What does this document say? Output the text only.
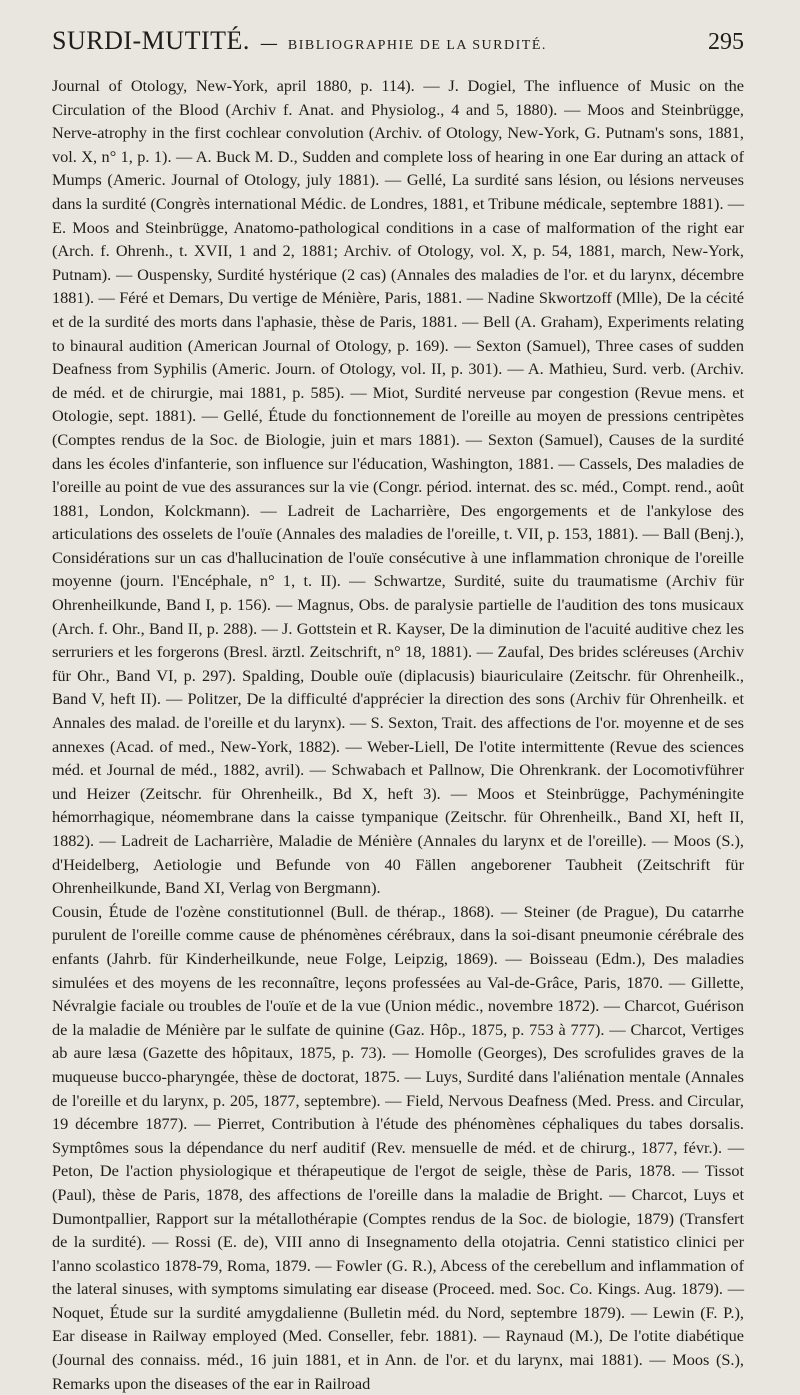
SURDI-MUTITÉ. — BIBLIOGRAPHIE DE LA SURDITÉ.	295

Journal of Otology, New-York, april 1880, p. 114). — J. Dogiel, The influence of Music on the Circulation of the Blood (Archiv f. Anat. and Physiolog., 4 and 5, 1880). — Moos and Steinbrügge, Nerve-atrophy in the first cochlear convolution (Archiv. of Otology, New-York, G. Putnam's sons, 1881, vol. X, n° 1, p. 1). — A. Buck M. D., Sudden and complete loss of hearing in one Ear during an attack of Mumps (Americ. Journal of Otology, july 1881). — Gellé, La surdité sans lésion, ou lésions nerveuses dans la surdité (Congrès international Médic. de Londres, 1881, et Tribune médicale, septembre 1881). — E. Moos and Steinbrügge, Anatomo-pathological conditions in a case of malformation of the right ear (Arch. f. Ohrenh., t. XVII, 1 and 2, 1881; Archiv. of Otology, vol. X, p. 54, 1881, march, New-York, Putnam). — Ouspensky, Surdité hystérique (2 cas) (Annales des maladies de l'or. et du larynx, décembre 1881). — Féré et Demars, Du vertige de Ménière, Paris, 1881. — Nadine Skwortzoff (Mlle), De la cécité et de la surdité des morts dans l'aphasie, thèse de Paris, 1881. — Bell (A. Graham), Experiments relating to binaural audition (American Journal of Otology, p. 169). — Sexton (Samuel), Three cases of sudden Deafness from Syphilis (Americ. Journ. of Otology, vol. II, p. 301). — A. Mathieu, Surd. verb. (Archiv. de méd. et de chirurgie, mai 1881, p. 585). — Miot, Surdité nerveuse par congestion (Revue mens. et Otologie, sept. 1881). — Gellé, Étude du fonctionnement de l'oreille au moyen de pressions centripètes (Comptes rendus de la Soc. de Biologie, juin et mars 1881). — Sexton (Samuel), Causes de la surdité dans les écoles d'infanterie, son influence sur l'éducation, Washington, 1881. — Cassels, Des maladies de l'oreille au point de vue des assurances sur la vie (Congr. périod. internat. des sc. méd., Compt. rend., août 1881, London, Kolckmann). — Ladreit de Lacharrière, Des engorgements et de l'ankylose des articulations des osselets de l'ouïe (Annales des maladies de l'oreille, t. VII, p. 153, 1881). — Ball (Benj.), Considérations sur un cas d'hallucination de l'ouïe consécutive à une inflammation chronique de l'oreille moyenne (journ. l'Encéphale, n° 1, t. II). — Schwartze, Surdité, suite du traumatisme (Archiv für Ohrenheilkunde, Band I, p. 156). — Magnus, Obs. de paralysie partielle de l'audition des tons musicaux (Arch. f. Ohr., Band II, p. 288). — J. Gottstein et R. Kayser, De la diminution de l'acuité auditive chez les serruriers et les forgerons (Bresl. ärztl. Zeitschrift, n° 18, 1881). — Zaufal, Des brides scléreuses (Archiv für Ohr., Band VI, p. 297). Spalding, Double ouïe (diplacusis) biauriculaire (Zeitschr. für Ohrenheilk., Band V, heft II). — Politzer, De la difficulté d'apprécier la direction des sons (Archiv für Ohrenheilk. et Annales des malad. de l'oreille et du larynx). — S. Sexton, Trait. des affections de l'or. moyenne et de ses annexes (Acad. of med., New-York, 1882). — Weber-Liell, De l'otite intermittente (Revue des sciences méd. et Journal de méd., 1882, avril). — Schwabach et Pallnow, Die Ohrenkrank. der Locomotivführer und Heizer (Zeitschr. für Ohrenheilk., Bd X, heft 3). — Moos et Steinbrügge, Pachyméningite hémorrhagique, néomembrane dans la caisse tympanique (Zeitschr. für Ohrenheilk., Band XI, heft II, 1882). — Ladreit de Lacharrière, Maladie de Ménière (Annales du larynx et de l'oreille). — Moos (S.), d'Heidelberg, Aetiologie und Befunde von 40 Fällen angeborener Taubheit (Zeitschrift für Ohrenheilkunde, Band XI, Verlag von Bergmann).

Cousin, Étude de l'ozène constitutionnel (Bull. de thérap., 1868). — Steiner (de Prague), Du catarrhe purulent de l'oreille comme cause de phénomènes cérébraux, dans la soi-disant pneumonie cérébrale des enfants (Jahrb. für Kinderheilkunde, neue Folge, Leipzig, 1869). — Boisseau (Edm.), Des maladies simulées et des moyens de les reconnaître, leçons professées au Val-de-Grâce, Paris, 1870. — Gillette, Névralgie faciale ou troubles de l'ouïe et de la vue (Union médic., novembre 1872). — Charcot, Guérison de la maladie de Ménière par le sulfate de quinine (Gaz. Hôp., 1875, p. 753 à 777). — Charcot, Vertiges ab aure læsa (Gazette des hôpitaux, 1875, p. 73). — Homolle (Georges), Des scrofulides graves de la muqueuse bucco-pharyngée, thèse de doctorat, 1875. — Luys, Surdité dans l'aliénation mentale (Annales de l'oreille et du larynx, p. 205, 1877, septembre). — Field, Nervous Deafness (Med. Press. and Circular, 19 décembre 1877). — Pierret, Contribution à l'étude des phénomènes céphaliques du tabes dorsalis. Symptômes sous la dépendance du nerf auditif (Rev. mensuelle de méd. et de chirurg., 1877, févr.). — Peton, De l'action physiologique et thérapeutique de l'ergot de seigle, thèse de Paris, 1878. — Tissot (Paul), thèse de Paris, 1878, des affections de l'oreille dans la maladie de Bright. — Charcot, Luys et Dumontpallier, Rapport sur la métallothérapie (Comptes rendus de la Soc. de biologie, 1879) (Transfert de la surdité). — Rossi (E. de), VIII anno di Insegnamento della otojatria. Cenni statistico clinici per l'anno scolastico 1878-79, Roma, 1879. — Fowler (G. R.), Abcess of the cerebellum and inflammation of the lateral sinuses, with symptoms simulating ear disease (Proceed. med. Soc. Co. Kings. Aug. 1879). — Noquet, Étude sur la surdité amygdalienne (Bulletin méd. du Nord, septembre 1879). — Lewin (F. P.), Ear disease in Railway employed (Med. Conseller, febr. 1881). — Raynaud (M.), De l'otite diabétique (Journal des connaiss. méd., 16 juin 1881, et in Ann. de l'or. et du larynx, mai 1881). — Moos (S.), Remarks upon the diseases of the ear in Railroad
